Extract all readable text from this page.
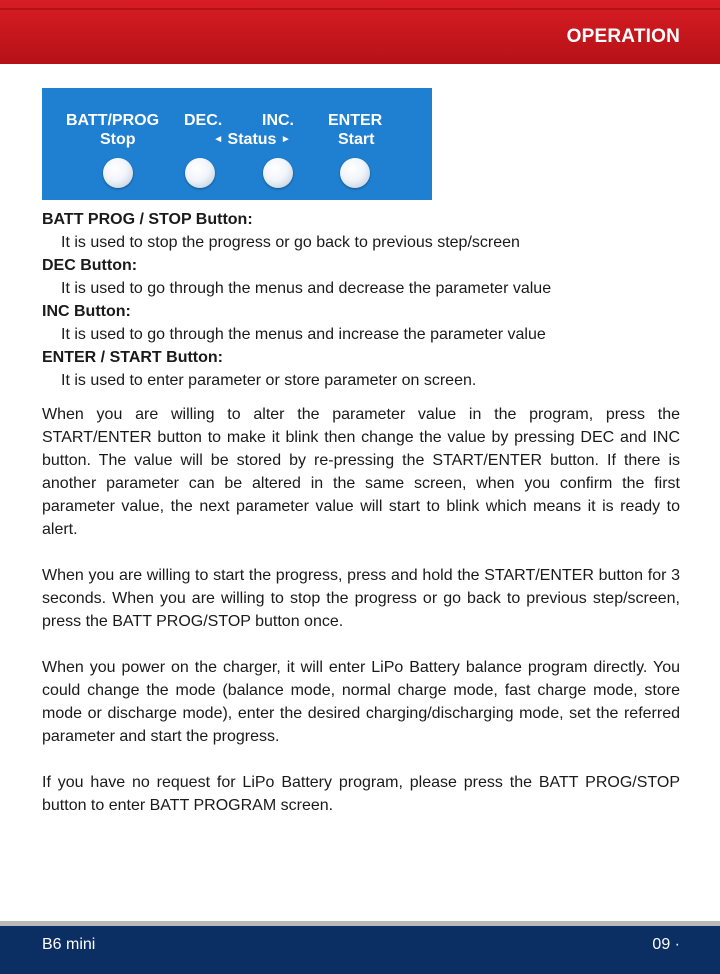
OPERATION
BATT/PROG
Stop
DEC.
◄ Status ►
INC. ENTER
Start
BATT PROG / STOP Button:
It is used to stop the progress or go back to previous step/screen
DEC Button:
It is used to go through the menus and decrease the parameter value
INC Button:
It is used to go through the menus and increase the parameter value
ENTER / START Button:
It is used to enter parameter or store parameter on screen.

When you are willing to alter the parameter value in the program, press the START/ENTER button to make it blink then change the value by pressing DEC and INC button. The value will be stored by re-pressing the START/ENTER button. If there is another parameter can be altered in the same screen, when you confirm the first parameter value, the next parameter value will start to blink which means it is ready to alert.

When you are willing to start the progress, press and hold the START/ENTER button for 3 seconds. When you are willing to stop the progress or go back to previous step/screen, press the BATT PROG/STOP button once.

When you power on the charger, it will enter LiPo Battery balance program directly. You could change the mode (balance mode, normal charge mode, fast charge mode, store mode or discharge mode), enter the desired charging/discharging mode, set the referred parameter and start the progress.

If you have no request for LiPo Battery program, please press the BATT PROG/STOP button to enter BATT PROGRAM screen.

B6 mini	09 ·
